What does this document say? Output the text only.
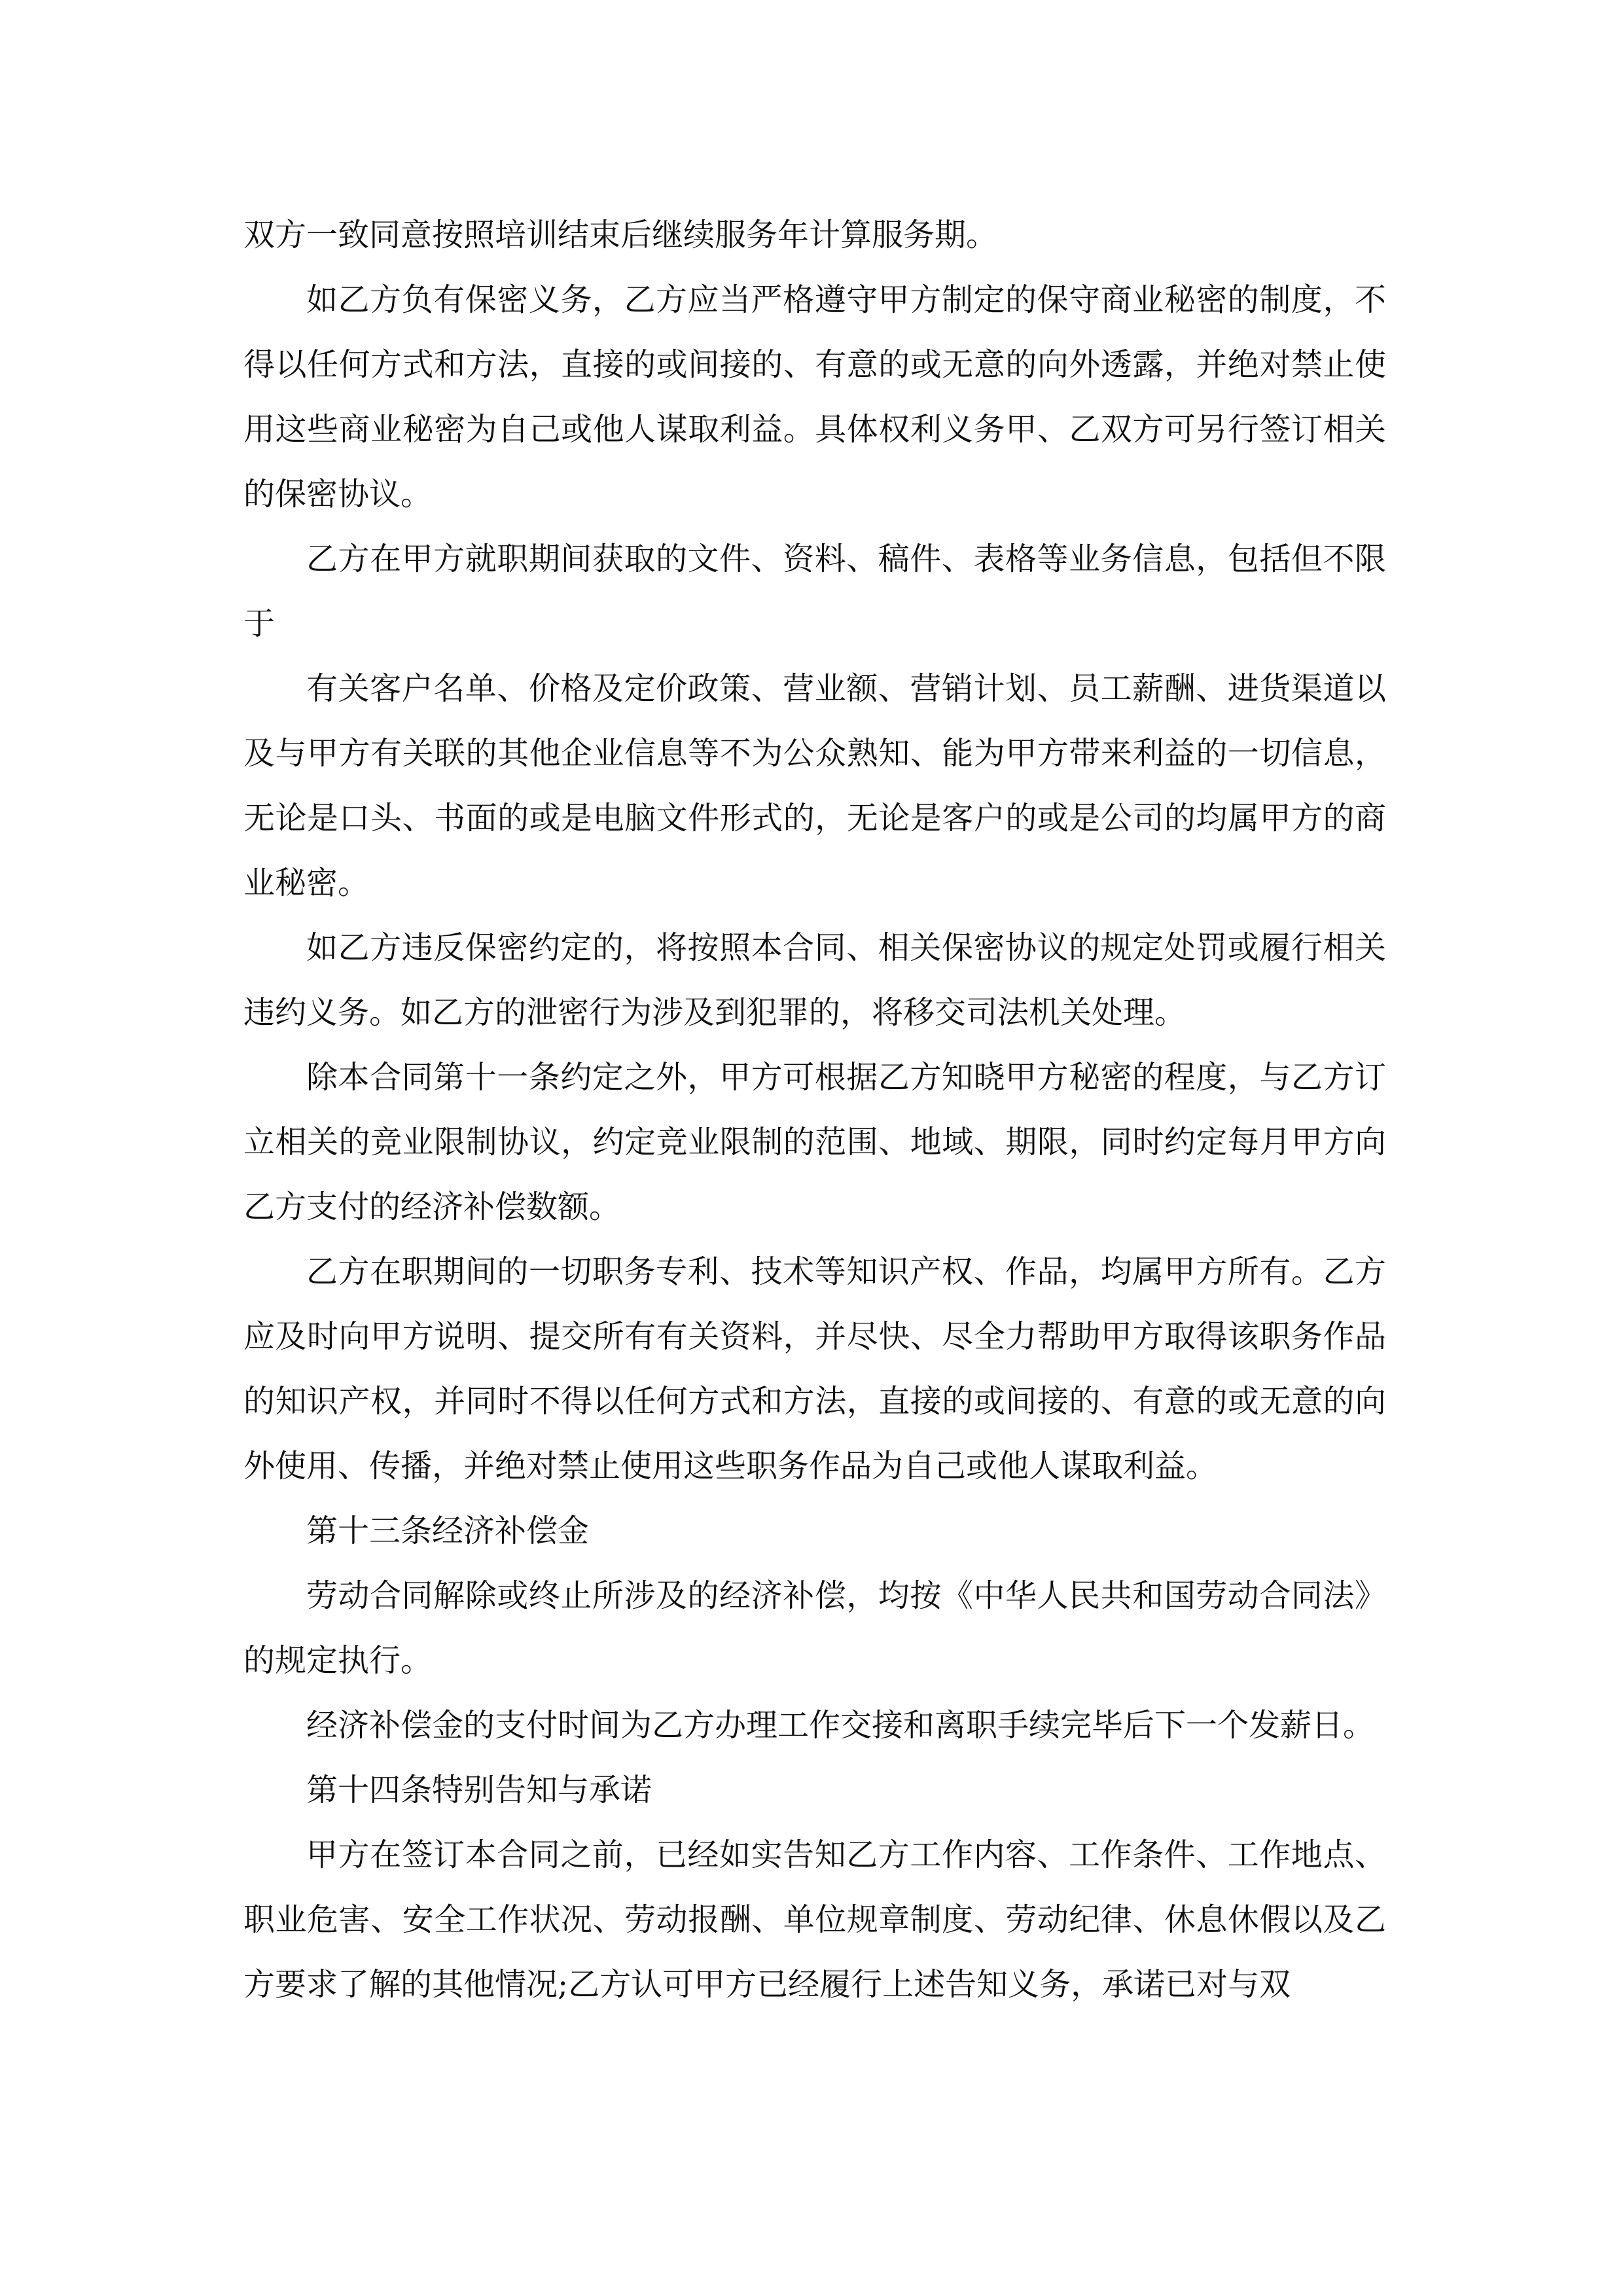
双方一致同意按照培训结束后继续服务年计算服务期。

如乙方负有保密义务，乙方应当严格遵守甲方制定的保守商业秘密的制度，不得以任何方式和方法，直接的或间接的、有意的或无意的向外透露，并绝对禁止使用这些商业秘密为自己或他人谋取利益。具体权利义务甲、乙双方可另行签订相关的保密协议。

乙方在甲方就职期间获取的文件、资料、稿件、表格等业务信息，包括但不限于

有关客户名单、价格及定价政策、营业额、营销计划、员工薪酬、进货渠道以及与甲方有关联的其他企业信息等不为公众熟知、能为甲方带来利益的一切信息，无论是口头、书面的或是电脑文件形式的，无论是客户的或是公司的均属甲方的商业秘密。

如乙方违反保密约定的，将按照本合同、相关保密协议的规定处罚或履行相关违约义务。如乙方的泄密行为涉及到犯罪的，将移交司法机关处理。

除本合同第十一条约定之外，甲方可根据乙方知晓甲方秘密的程度，与乙方订立相关的竞业限制协议，约定竞业限制的范围、地域、期限，同时约定每月甲方向乙方支付的经济补偿数额。

乙方在职期间的一切职务专利、技术等知识产权、作品，均属甲方所有。乙方应及时向甲方说明、提交所有有关资料，并尽快、尽全力帮助甲方取得该职务作品的知识产权，并同时不得以任何方式和方法，直接的或间接的、有意的或无意的向外使用、传播，并绝对禁止使用这些职务作品为自己或他人谋取利益。

第十三条经济补偿金

劳动合同解除或终止所涉及的经济补偿，均按《中华人民共和国劳动合同法》的规定执行。

经济补偿金的支付时间为乙方办理工作交接和离职手续完毕后下一个发薪日。

第十四条特别告知与承诺

甲方在签订本合同之前，已经如实告知乙方工作内容、工作条件、工作地点、职业危害、安全工作状况、劳动报酬、单位规章制度、劳动纪律、休息休假以及乙方要求了解的其他情况;乙方认可甲方已经履行上述告知义务，承诺已对与双
